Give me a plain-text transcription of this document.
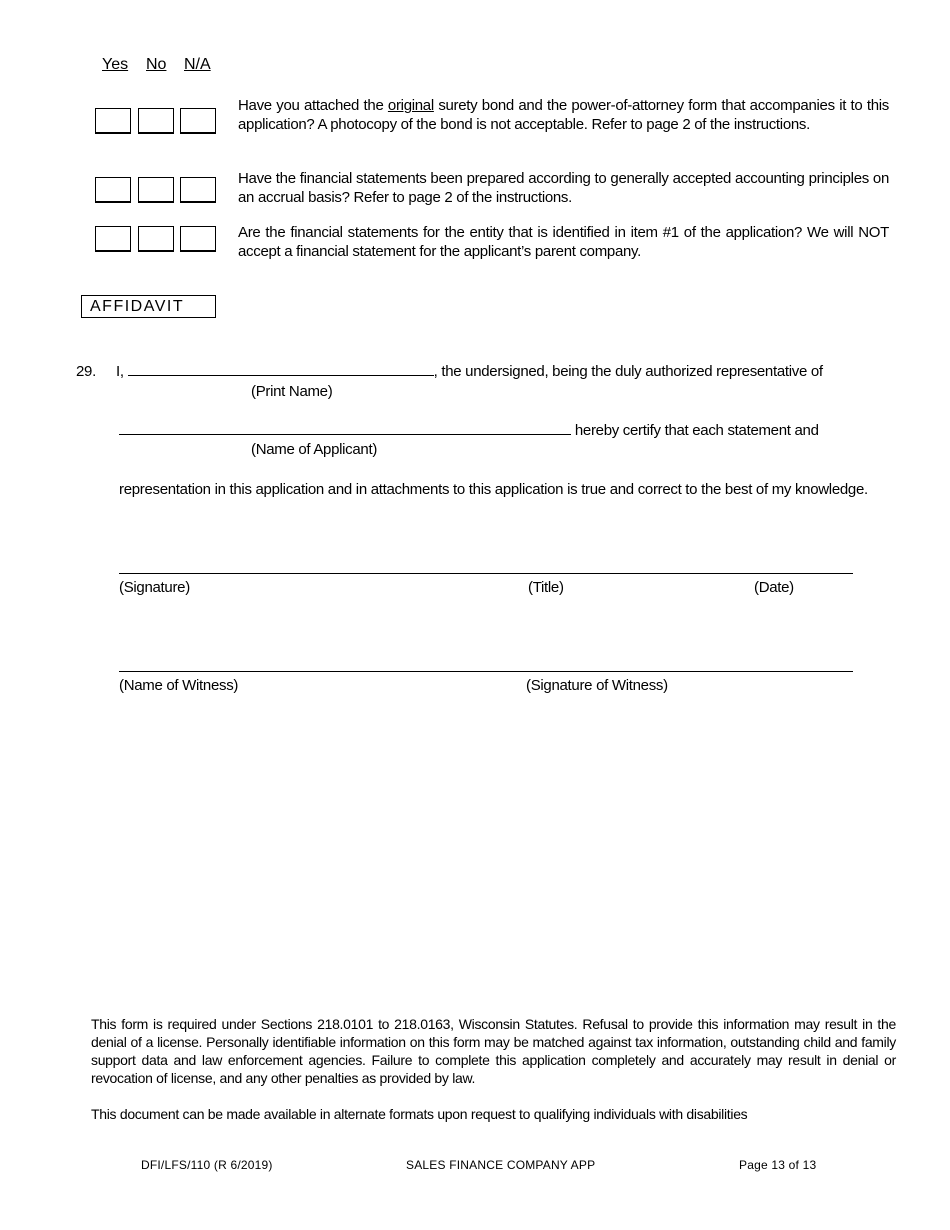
Yes No N/A
Have you attached the original surety bond and the power-of-attorney form that accompanies it to this application? A photocopy of the bond is not acceptable. Refer to page 2 of the instructions.
Have the financial statements been prepared according to generally accepted accounting principles on an accrual basis? Refer to page 2 of the instructions.
Are the financial statements for the entity that is identified in item #1 of the application? We will NOT accept a financial statement for the applicant’s parent company.
AFFIDAVIT
29. I,	, the undersigned, being the duly authorized representative of
(Print Name)
hereby certify that each statement and
(Name of Applicant)
representation in this application and in attachments to this application is true and correct to the best of my knowledge.
(Signature)	(Title)	(Date)
(Name of Witness)	(Signature of Witness)
This form is required under Sections 218.0101 to 218.0163, Wisconsin Statutes. Refusal to provide this information may result in the denial of a license. Personally identifiable information on this form may be matched against tax information, outstanding child and family support data and law enforcement agencies. Failure to complete this application completely and accurately may result in denial or revocation of license, and any other penalties as provided by law.
This document can be made available in alternate formats upon request to qualifying individuals with disabilities
DFI/LFS/110 (R 6/2019)	SALES FINANCE COMPANY APP	Page 13 of 13
